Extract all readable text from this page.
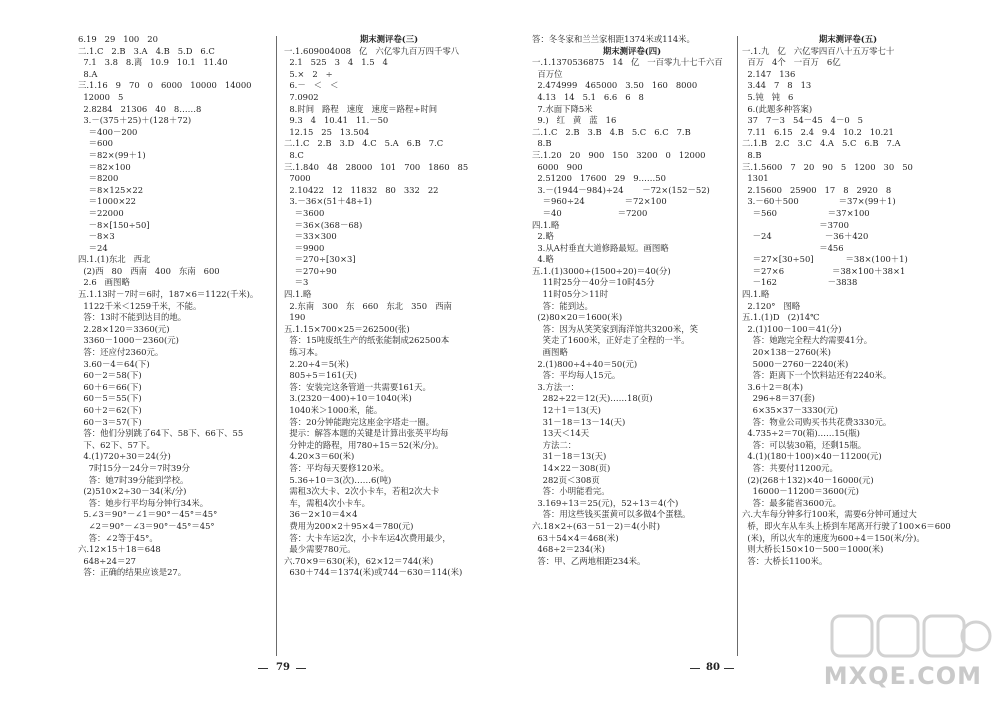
6.19   29   100   20
二.1.C   2.B   3.A   4.B   5.D   6.C
7.1   3.8   8.离   10.9   10.1   11.40
8.A
三.1.16   9   70   0   6000   10000   14000
12000   5
2.8284   21306   40   8……8
3.－(375＋25)＋(128＋72)
＝400－200
＝600
＝82×(99＋1)
＝82×100
＝8200
＝8×125×22
＝1000×22
＝22000
－8×[150÷50]
－8×3
＝24
四.1.(1)东北   西北
(2)西   80   西南   400   东南   600
2.6   画图略
五.1.13时－7时＝6时，187×6＝1122(千米)。
1122千米＜1259千米，不能。
答：13时不能到达目的地。
2.28×120＝3360(元)
3360－1000－2360(元)
答：还应付2360元。
3.60－4＝64(下)
60－2＝58(下)
60＋6＝66(下)
60－5＝55(下)
60＋2＝62(下)
60－3＝57(下)
答：他们分别跳了64下、58下、66下、55
下、62下、57下。
4.(1)720÷30＝24(分)
7时15分－24分＝7时39分
答：她7时39分能到学校。
(2)510×2÷30－34(米/分)
答：她步行平均每分钟行34米。
5.∠3＝90°－∠1＝90°－45°＝45°
∠2＝90°－∠3＝90°－45°＝45°
答：∠2等于45°。
六.12×15＋18＝648
648÷24＝27
答：正确的结果应该是27。
期末测评卷(三)
一.1.609004008   亿   六亿零九百万四千零八
2.1   525   3   4   1.5   4
5.×   2   ÷
6.－   ＜   ＜
7.0902
8.时间   路程   速度   速度＝路程÷时间
9.3   4   10.41   11.－50
12.15   25   13.504
二.1.C   2.B   3.D   4.C   5.A   6.B   7.C
8.C
三.1.840   48   28000   101   700   1860   85
7000
2.10422   12   11832   80   332   22
3.－36×(51＋48÷1)
＝3600
＝36×(368－68)
＝33×300
＝9900
＝270÷[30×3]
＝270÷90
＝3
四.1.略
2.东南   300   东   660   东北   350   西南
190
五.1.15×700×25＝262500(张)
答：15吨废纸生产的纸张能制成262500本
练习本。
2.20÷4＝5(米)
805÷5＝161(天)
答：安装完这条管道一共需要161天。
3.(2320－400)÷10＝1040(米)
1040米＞1000米，能。
答：20分钟能跑完这座金字塔走一圈。
提示：解答本题的关键是计算出张英平均每
分钟走的路程，用780÷15＝52(米/分)。
4.20×3＝60(米)
答：平均每天要修120米。
5.36÷10＝3(次)……6(吨)
需租3次大卡、2次小卡车，若租2次大卡
车，需租4次小卡车。
36－2×10＝4×4
费用为200×2＋95×4＝780(元)
答：大卡车运2次，小卡车运4次费用最少，
最少需要780元。
六.70×9＝630(米)，62×12＝744(米)
630＋744＝1374(米)或744－630＝114(米)
答：冬冬家和兰兰家相距1374米或114米。
期末测评卷(四)
一.1.1370536875   14   亿   一百零九十七千六百
百万位
2.474999   465000   3.50   160   8000
4.13   14   5.1   6.6   6   8
7.水面下降5米
9.)   红   黄   蓝   16
二.1.C   2.B   3.B   4.B   5.C   6.C   7.B
8.B
三.1.20   20   900   150   3200   0   12000
6000   900
2.51200   17600   29   9……50
3.－(1944－984)÷24       －72×(152－52)
＝960÷24               ＝72×100
＝40                     ＝7200
四.1.略
2.略
3.从A村垂直大道修路最短。画图略
4.略
五.1.(1)3000÷(1500÷20)＝40(分)
11时25分－40分＝10时45分
11时05分＞11时
答：能到达。
(2)80×20＝1600(米)
答：因为从笑笑家到海洋馆共3200米，笑
笑走了1600米，正好走了全程的一半。
画图略
2.(1)800÷4÷40＝50(元)
答：平均每人15元。
3.方法一：
282÷22＝12(天)……18(页)
12＋1＝13(天)
31－18＝13－14(天)
13天＜14天
方法二：
31－18＝13(天)
14×22－308(页)
282页＜308页
答：小明能看完。
3.169÷13＝25(元)，52÷13＝4(个)
答：用这些钱买蛋黄可以多做4个蛋糕。
六.18×2÷(63－51－2)＝4(小时)
63＋54×4＝468(米)
468÷2＝234(米)
答：甲、乙两地相距234米。
期末测评卷(五)
一.1.九   亿   六亿零四百八十五万零七十
百万   4个   一百万   6亿
2.147   136
3.44   7   8   13
5.钝   钝   6
6.(此题多种答案)
37   7－3   54－45   4－0   5
7.11   6.15   2.4   9.4   10.2   10.21
二.1.B   2.C   3.C   4.A   5.C   6.B   7.A
8.B
三.1.5600   7   20   90   5   1200   30   50
1301
2.15600   25900   17   8   2920   8
3.－60＋500               ＝37×(99＋1)
＝560                   ＝37×100
＝3700
－24                    －36＋420
＝456
＝27×[30÷50]            ＝38×(100＋1)
＝27×6                  ＝38×100＋38×1
－162                   －3838
四.1.略
2.120°   图略
五.1.(1)D   (2)14℃
2.(1)100－100＝41(分)
答：她跑完全程大约需要41分。
20×138－2760(米)
5000－2760－2240(米)
答：距离下一个饮料站还有2240米。
3.6＋2＝8(本)
296÷8＝37(套)
6×35×37－3330(元)
答：物业公司购买书共花费3330元。
4.735÷2＝70(箱)……15(瓶)
答：可以装30箱，还剩15瓶。
4.(1)(180＋100)×40－11200(元)
答：共要付11200元。
(2)(268＋132)×40－16000(元)
16000－11200＝3600(元)
答：最多能省3600元。
六.大车每分钟多行100米，需要6分钟可通过大
桥，即火车从车头上桥到车尾离开行驶了100×6＝600
(米)，所以火车的速度为600÷4＝150(米/分)。
则大桥长150×10－500＝1000(米)
答：大桥长1100米。
79	80	MXQE.COM
